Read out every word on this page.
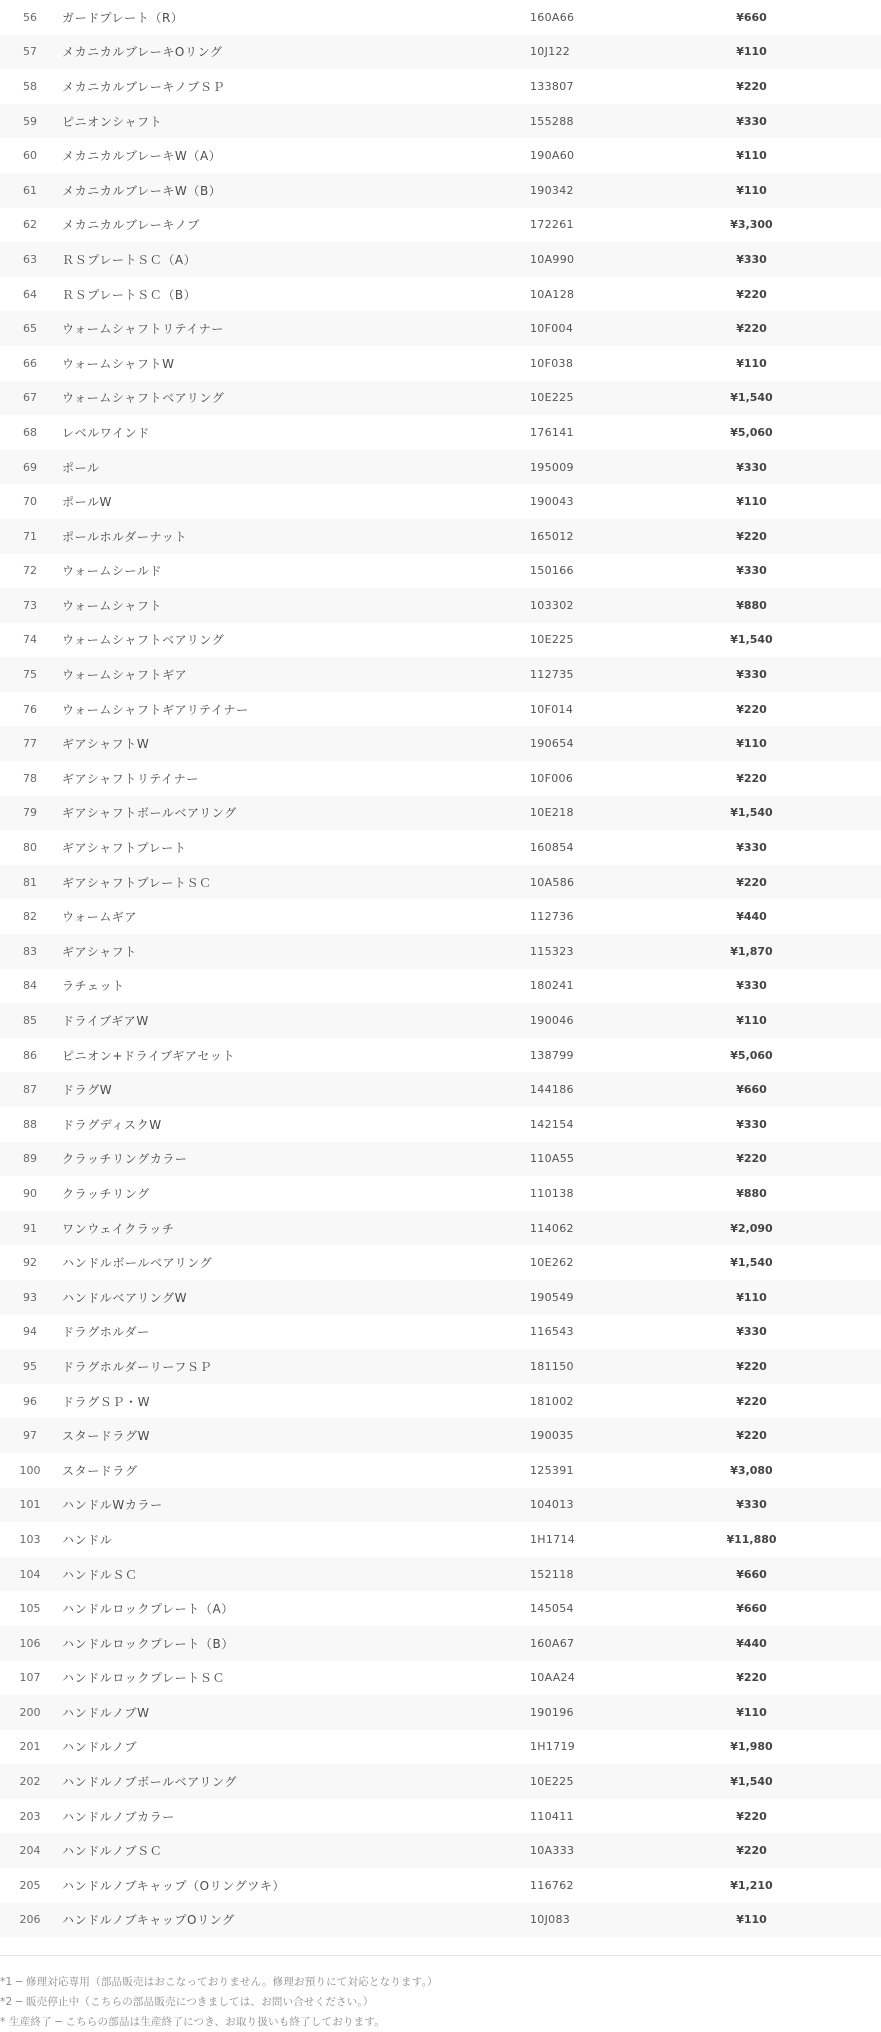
56	ガードプレート（R）	160A66	¥660	
57	メカニカルブレーキOリング	10J122	¥110	
58	メカニカルブレーキノブＳＰ	133807	¥220	
59	ピニオンシャフト	155288	¥330	
60	メカニカルブレーキW（A）	190A60	¥110	
61	メカニカルブレーキW（B）	190342	¥110	
62	メカニカルブレーキノブ	172261	¥3,300	
63	ＲＳプレートＳＣ（A）	10A990	¥330	
64	ＲＳプレートＳＣ（B）	10A128	¥220	
65	ウォームシャフトリテイナー	10F004	¥220	
66	ウォームシャフトW	10F038	¥110	
67	ウォームシャフトベアリング	10E225	¥1,540	
68	レベルワインド	176141	¥5,060	
69	ポール	195009	¥330	
70	ポールW	190043	¥110	
71	ポールホルダーナット	165012	¥220	
72	ウォームシールド	150166	¥330	
73	ウォームシャフト	103302	¥880	
74	ウォームシャフトベアリング	10E225	¥1,540	
75	ウォームシャフトギア	112735	¥330	
76	ウォームシャフトギアリテイナー	10F014	¥220	
77	ギアシャフトW	190654	¥110	
78	ギアシャフトリテイナー	10F006	¥220	
79	ギアシャフトボールベアリング	10E218	¥1,540	
80	ギアシャフトプレート	160854	¥330	
81	ギアシャフトプレートＳＣ	10A586	¥220	
82	ウォームギア	112736	¥440	
83	ギアシャフト	115323	¥1,870	
84	ラチェット	180241	¥330	
85	ドライブギアW	190046	¥110	
86	ピニオン+ドライブギアセット	138799	¥5,060	
87	ドラグW	144186	¥660	
88	ドラグディスクW	142154	¥330	
89	クラッチリングカラー	110A55	¥220	
90	クラッチリング	110138	¥880	
91	ワンウェイクラッチ	114062	¥2,090	
92	ハンドルボールベアリング	10E262	¥1,540	
93	ハンドルベアリングW	190549	¥110	
94	ドラグホルダー	116543	¥330	
95	ドラグホルダーリーフＳＰ	181150	¥220	
96	ドラグＳＰ・W	181002	¥220	
97	スタードラグW	190035	¥220	
100	スタードラグ	125391	¥3,080	
101	ハンドルWカラー	104013	¥330	
103	ハンドル	1H1714	¥11,880	
104	ハンドルＳＣ	152118	¥660	
105	ハンドルロックプレート（A）	145054	¥660	
106	ハンドルロックプレート（B）	160A67	¥440	
107	ハンドルロックプレートＳＣ	10AA24	¥220	
200	ハンドルノブW	190196	¥110	
201	ハンドルノブ	1H1719	¥1,980	
202	ハンドルノブボールベアリング	10E225	¥1,540	
203	ハンドルノブカラー	110411	¥220	
204	ハンドルノブＳＣ	10A333	¥220	
205	ハンドルノブキャップ（Oリングツキ）	116762	¥1,210	
206	ハンドルノブキャップOリング	10J083	¥110	
*1 ─ 修理対応専用（部品販売はおこなっておりません。修理お預りにて対応となります。）
*2 ─ 販売停止中（こちらの部品販売につきましては、お問い合せください。）
* 生産終了 ─ こちらの部品は生産終了につき、お取り扱いも終了しております。
